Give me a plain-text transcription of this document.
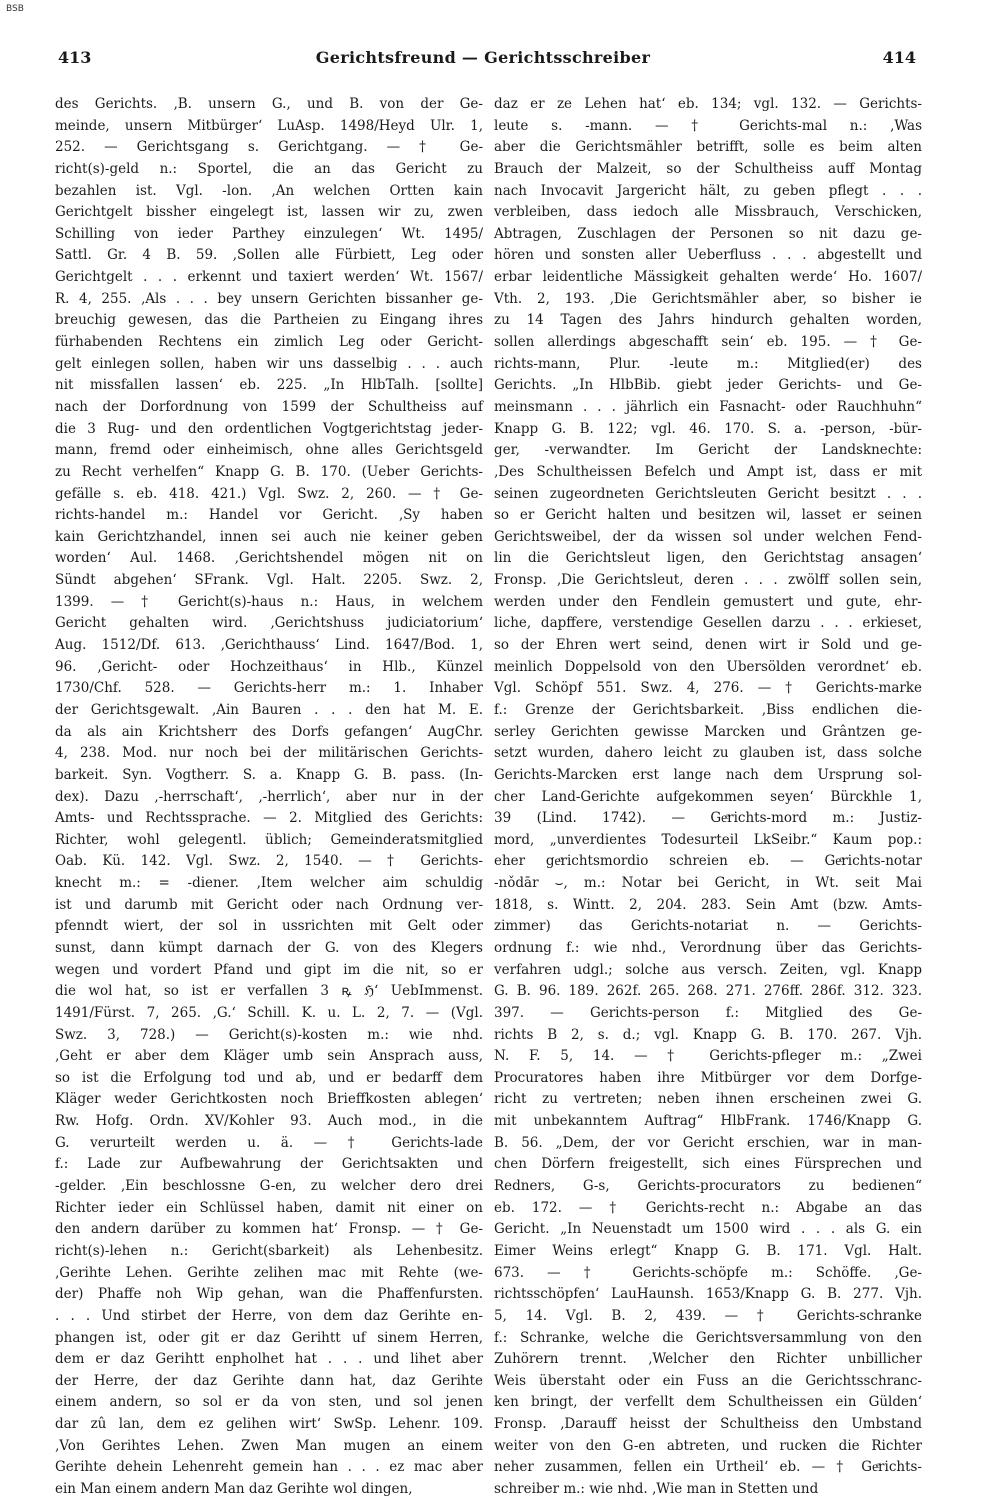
BSB
413	Gerichtsfreund — Gerichtsschreiber	414
des Gerichts. ‚B. unsern G., und B. von der Ge-
meinde, unsern Mitbürger‘ LuAsp. 1498/Heyd Ulr. 1,
252. — Gerichtsgang s. Gerichtgang. — † Ge-
richt(s)-geld n.: Sportel, die an das Gericht zu
bezahlen ist. Vgl. -lon. ‚An welchen Ortten kain
Gerichtgelt bissher eingelegt ist, lassen wir zu, zwen
Schilling von ieder Parthey einzulegen‘ Wt. 1495/
Sattl. Gr. 4 B. 59. ‚Sollen alle Fürbiett, Leg oder
Gerichtgelt . . . erkennt und taxiert werden‘ Wt. 1567/
R. 4, 255. ‚Als . . . bey unsern Gerichten bissanher ge-
breuchig gewesen, das die Partheien zu Eingang ihres
fürhabenden Rechtens ein zimlich Leg oder Gericht-
gelt einlegen sollen, haben wir uns dasselbig . . . auch
nit missfallen lassen‘ eb. 225. „In HlbTalh. [sollte]
nach der Dorfordnung von 1599 der Schultheiss auf
die 3 Rug- und den ordentlichen Vogtgerichtstag jeder-
mann, fremd oder einheimisch, ohne alles Gerichtsgeld
zu Recht verhelfen“ Knapp G. B. 170. (Ueber Gerichts-
gefälle s. eb. 418. 421.) Vgl. Swz. 2, 260. — † Ge-
richts-handel m.: Handel vor Gericht. ‚Sy haben
kain Gerichtzhandel, innen sei auch nie keiner geben
worden‘ Aul. 1468. ‚Gerichtshendel mögen nit on
Sündt abgehen‘ SFrank. Vgl. Halt. 2205. Swz. 2,
1399. — † Gericht(s)-haus n.: Haus, in welchem
Gericht gehalten wird. ‚Gerichtshuss judiciatorium‘
Aug. 1512/Df. 613. ‚Gerichthauss‘ Lind. 1647/Bod. 1,
96. ‚Gericht- oder Hochzeithaus‘ in Hlb., Künzel
1730/Chf. 528. — Gerichts-herr m.: 1. Inhaber
der Gerichtsgewalt. ‚Ain Bauren . . . den hat M. E.
da als ain Krichtsherr des Dorfs gefangen‘ AugChr.
4, 238. Mod. nur noch bei der militärischen Gerichts-
barkeit. Syn. Vogtherr. S. a. Knapp G. B. pass. (In-
dex). Dazu ‚-herrschaft‘, ‚-herrlich‘, aber nur in der
Amts- und Rechtssprache. — 2. Mitglied des Gerichts:
Richter, wohl gelegentl. üblich; Gemeinderatsmitglied
Oab. Kü. 142. Vgl. Swz. 2, 1540. — † Gerichts-
knecht m.: = -diener. ‚Item welcher aim schuldig
ist und darumb mit Gericht oder nach Ordnung ver-
pfenndt wiert, der sol in ussrichten mit Gelt oder
sunst, dann kümpt darnach der G. von des Klegers
wegen und vordert Pfand und gipt im die nit, so er
die wol hat, so ist er verfallen 3 ꝶ ℌ‘ UebImmenst.
1491/Fürst. 7, 265. ‚G.‘ Schill. K. u. L. 2, 7. — (Vgl.
Swz. 3, 728.) — Gericht(s)-kosten m.: wie nhd.
‚Geht er aber dem Kläger umb sein Ansprach auss,
so ist die Erfolgung tod und ab, und er bedarff dem
Kläger weder Gerichtkosten noch Brieffkosten ablegen‘
Rw. Hofg. Ordn. XV/Kohler 93. Auch mod., in die
G. verurteilt werden u. ä. — † Gerichts-lade
f.: Lade zur Aufbewahrung der Gerichtsakten und
-gelder. ‚Ein beschlossne G-en, zu welcher dero drei
Richter ieder ein Schlüssel haben, damit nit einer on
den andern darüber zu kommen hat‘ Fronsp. — † Ge-
richt(s)-lehen n.: Gericht(sbarkeit) als Lehenbesitz.
‚Gerihte Lehen. Gerihte zelihen mac mit Rehte (we-
der) Phaffe noh Wip gehan, wan die Phaffenfursten.
. . . Und stirbet der Herre, von dem daz Gerihte en-
phangen ist, oder git er daz Gerihtt uf sinem Herren,
dem er daz Gerihtt enpholhet hat . . . und lihet aber
der Herre, der daz Gerihte dann hat, daz Gerihte
einem andern, so sol er da von sten, und sol jenen
dar zû lan, dem ez gelihen wirt‘ SwSp. Lehenr. 109.
‚Von Gerihtes Lehen. Zwen Man mugen an einem
Gerihte dehein Lehenreht gemein han . . . ez mac aber
ein Man einem andern Man daz Gerihte wol dingen,
daz er ze Lehen hat‘ eb. 134; vgl. 132. — Gerichts-
leute s. -mann. — † Gerichts-mal n.: ‚Was
aber die Gerichtsmähler betrifft, solle es beim alten
Brauch der Malzeit, so der Schultheiss auff Montag
nach Invocavit Jargericht hält, zu geben pflegt . . .
verbleiben, dass iedoch alle Missbrauch, Verschicken,
Abtragen, Zuschlagen der Personen so nit dazu ge-
hören und sonsten aller Ueberfluss . . . abgestellt und
erbar leidentliche Mässigkeit gehalten werde‘ Ho. 1607/
Vth. 2, 193. ‚Die Gerichtsmähler aber, so bisher ie
zu 14 Tagen des Jahrs hindurch gehalten worden,
sollen allerdings abgeschafft sein‘ eb. 195. — † Ge-
richts-mann, Plur. -leute m.: Mitglied(er) des
Gerichts. „In HlbBib. giebt jeder Gerichts- und Ge-
meinsmann . . . jährlich ein Fasnacht- oder Rauchhuhn“
Knapp G. B. 122; vgl. 46. 170. S. a. -person, -bür-
ger, -verwandter. Im Gericht der Landsknechte:
‚Des Schultheissen Befelch und Ampt ist, dass er mit
seinen zugeordneten Gerichtsleuten Gericht besitzt . . .
so er Gericht halten und besitzen wil, lasset er seinen
Gerichtsweibel, der da wissen sol under welchen Fend-
lin die Gerichtsleut ligen, den Gerichtstag ansagen‘
Fronsp. ‚Die Gerichtsleut, deren . . . zwölff sollen sein,
werden under den Fendlein gemustert und gute, ehr-
liche, dapffere, verstendige Gesellen darzu . . . erkieset,
so der Ehren wert seind, denen wirt ir Sold und ge-
meinlich Doppelsold von den Ubersölden verordnet‘ eb.
Vgl. Schöpf 551. Swz. 4, 276. — † Gerichts-marke
f.: Grenze der Gerichtsbarkeit. ‚Biss endlichen die-
serley Gerichten gewisse Marcken und Grântzen ge-
setzt wurden, dahero leicht zu glauben ist, dass solche
Gerichts-Marcken erst lange nach dem Ursprung sol-
cher Land-Gerichte aufgekommen seyen‘ Bürckhle 1,
39 (Lind. 1742). — Geͤrichts-mord m.: Justiz-
mord, „unverdientes Todesurteil LkSeibr.“ Kaum pop.:
eher geͤrichtsmordio schreien eb. — Geͤrichts-notar
-nǒdār ⌣, m.: Notar bei Gericht, in Wt. seit Mai
1818, s. Wintt. 2, 204. 283. Sein Amt (bzw. Amts-
zimmer) das Gerichts-notariat n. — Gerichts-
ordnung f.: wie nhd., Verordnung über das Gerichts-
verfahren udgl.; solche aus versch. Zeiten, vgl. Knapp
G. B. 96. 189. 262f. 265. 268. 271. 276ff. 286f. 312. 323.
397. — Gerichts-person f.: Mitglied des Ge-
richts B 2, s. d.; vgl. Knapp G. B. 170. 267. Vjh.
N. F. 5, 14. — † Gerichts-pfleger m.: „Zwei
Procuratores haben ihre Mitbürger vor dem Dorfge-
richt zu vertreten; neben ihnen erscheinen zwei G.
mit unbekanntem Auftrag“ HlbFrank. 1746/Knapp G.
B. 56. „Dem, der vor Gericht erschien, war in man-
chen Dörfern freigestellt, sich eines Fürsprechen und
Redners, G-s, Gerichts-procurators zu bedienen“
eb. 172. — † Gerichts-recht n.: Abgabe an das
Gericht. „In Neuenstadt um 1500 wird . . . als G. ein
Eimer Weins erlegt“ Knapp G. B. 171. Vgl. Halt.
673. — † Gerichts-schöpfe m.: Schöffe. ‚Ge-
richtsschöpfen‘ LauHaunsh. 1653/Knapp G. B. 277. Vjh.
5, 14. Vgl. B. 2, 439. — † Gerichts-schranke
f.: Schranke, welche die Gerichtsversammlung von den
Zuhörern trennt. ‚Welcher den Richter unbillicher
Weis überstaht oder ein Fuss an die Gerichtsschranc-
ken bringt, der verfellt dem Schultheissen ein Gülden‘
Fronsp. ‚Darauff heisst der Schultheiss den Umbstand
weiter von den G-en abtreten, und rucken die Richter
neher zusammen, fellen ein Urtheil‘ eb. — † Geͤrichts-
schreiber m.: wie nhd. ‚Wie man in Stetten und
